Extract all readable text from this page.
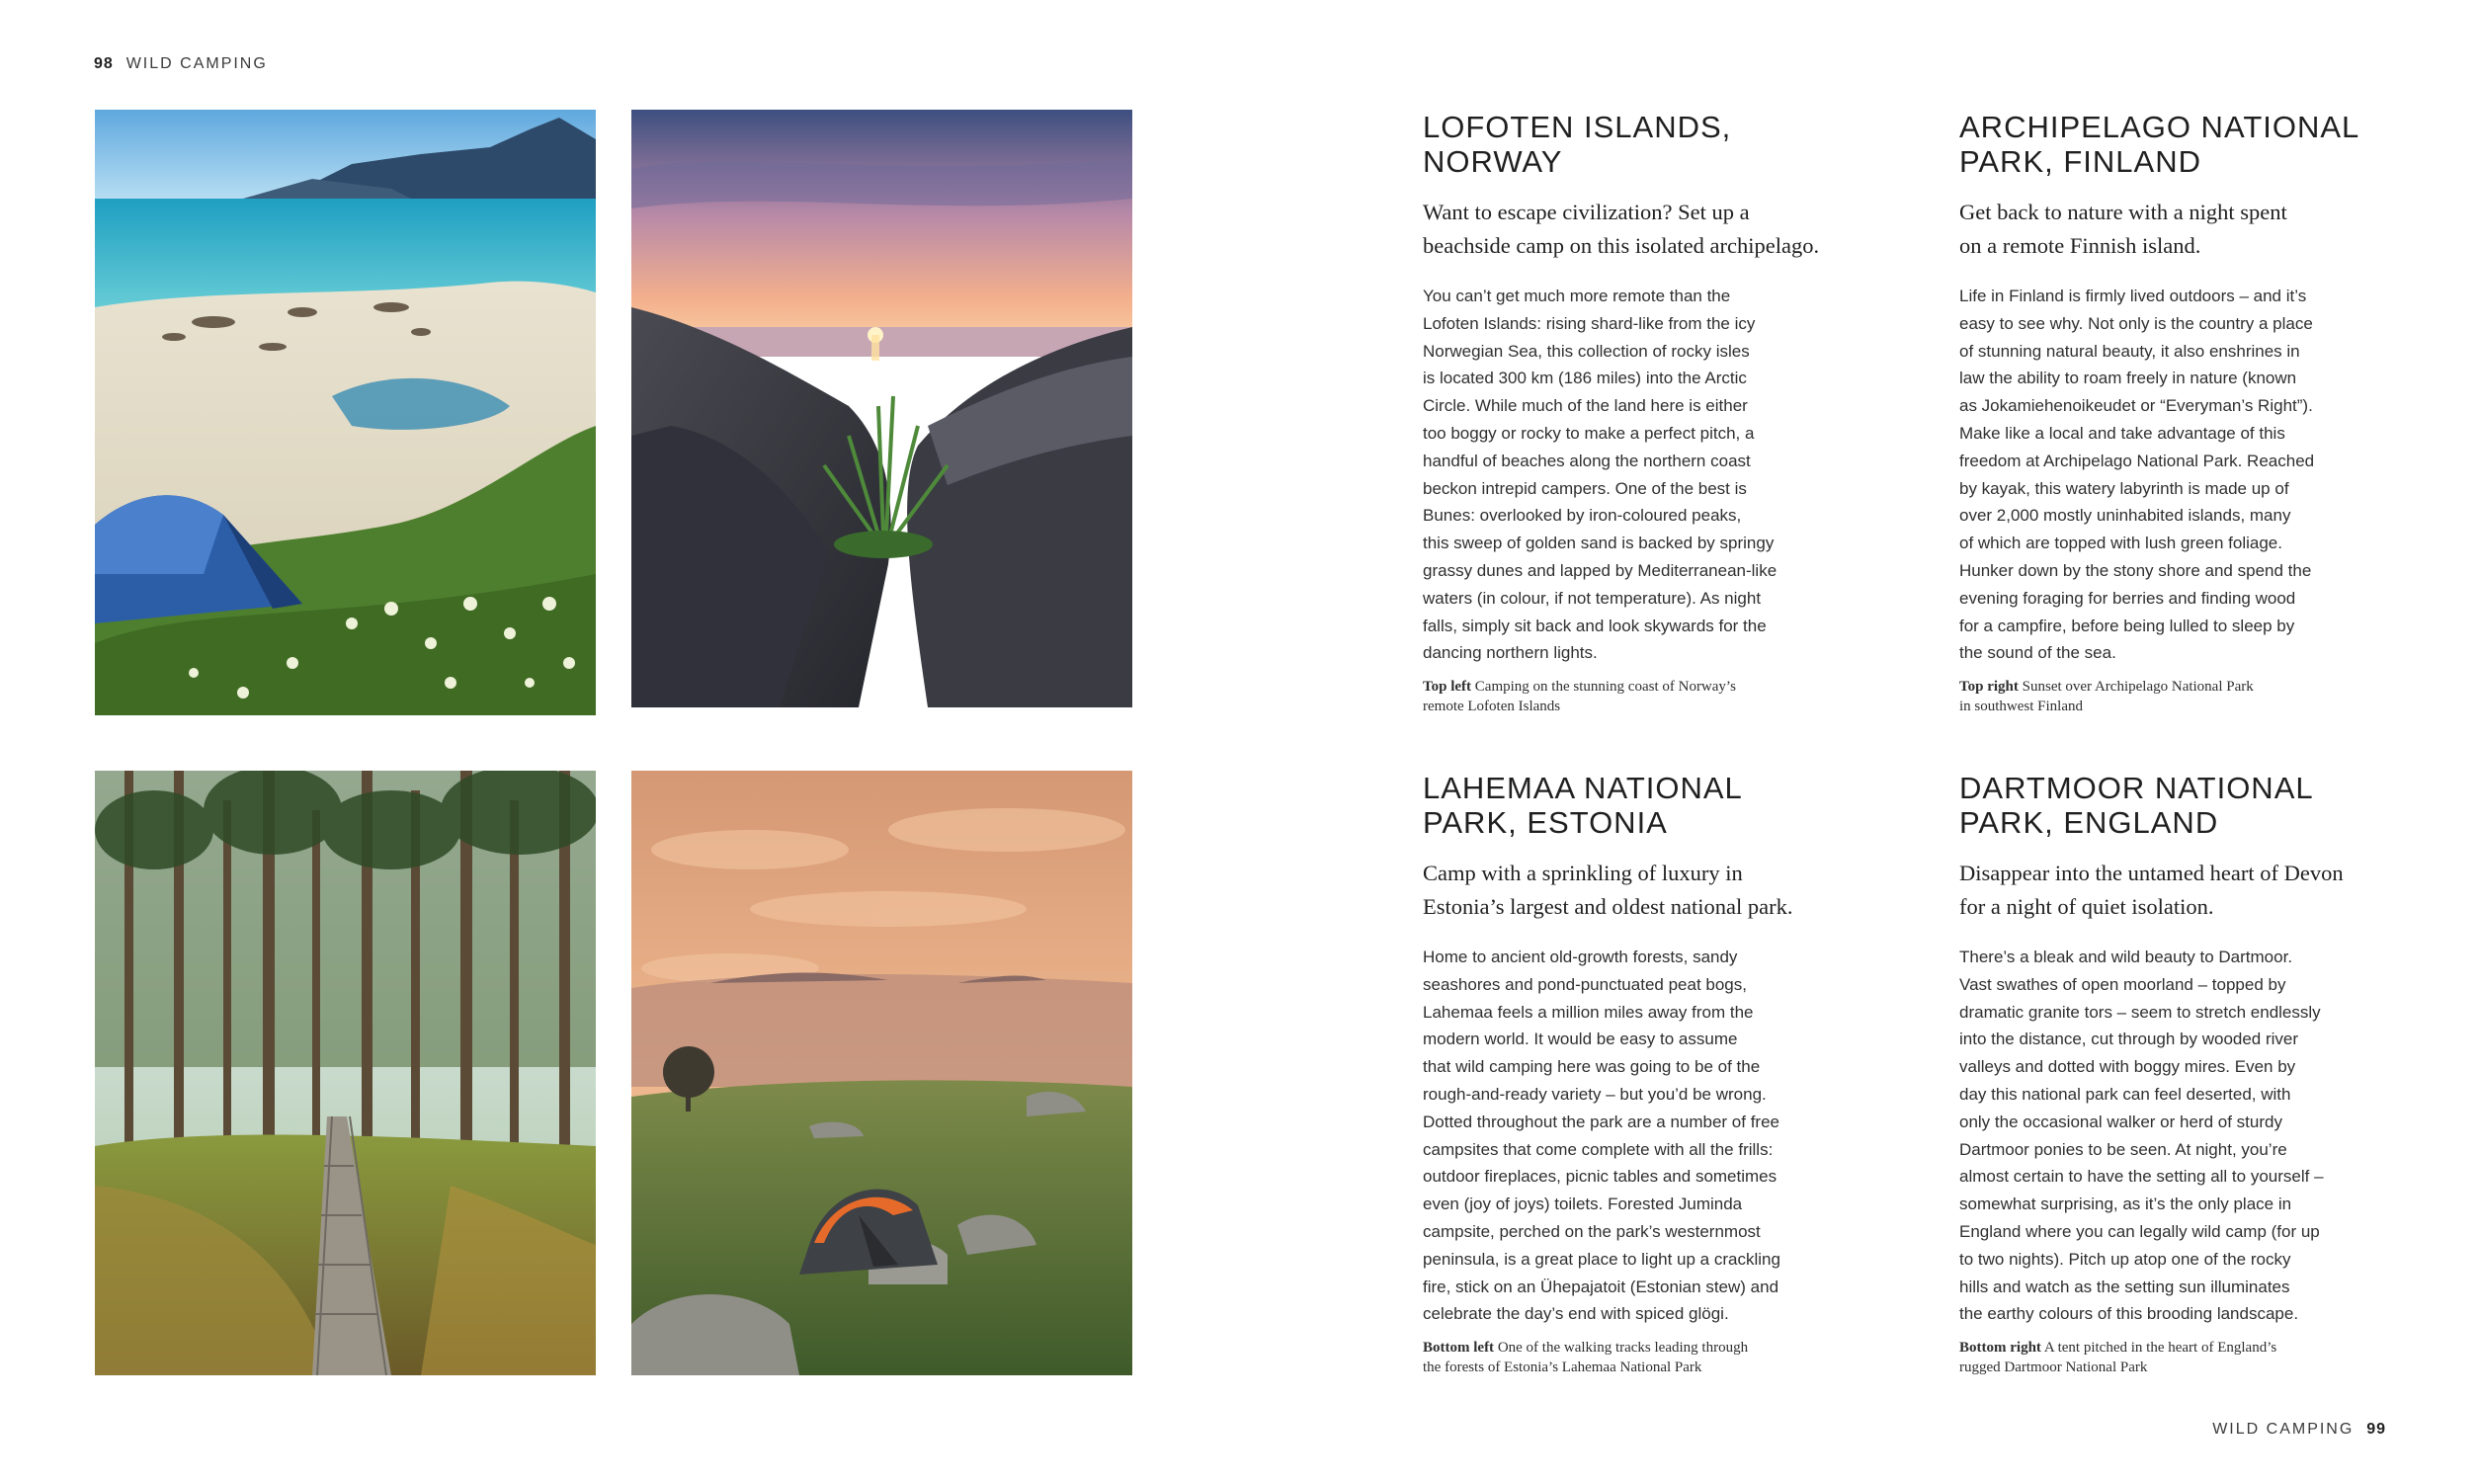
98 WILD CAMPING
WILD CAMPING 99
LOFOTEN ISLANDS,
NORWAY

Want to escape civilization? Set up a
beachside camp on this isolated archipelago.

You can’t get much more remote than the
Lofoten Islands: rising shard-like from the icy
Norwegian Sea, this collection of rocky isles
is located 300 km (186 miles) into the Arctic
Circle. While much of the land here is either
too boggy or rocky to make a perfect pitch, a
handful of beaches along the northern coast
beckon intrepid campers. One of the best is
Bunes: overlooked by iron-coloured peaks,
this sweep of golden sand is backed by springy
grassy dunes and lapped by Mediterranean-like
waters (in colour, if not temperature). As night
falls, simply sit back and look skywards for the
dancing northern lights.
Top left Camping on the stunning coast of Norway’s
remote Lofoten Islands
ARCHIPELAGO NATIONAL
PARK, FINLAND

Get back to nature with a night spent
on a remote Finnish island.

Life in Finland is firmly lived outdoors – and it’s
easy to see why. Not only is the country a place
of stunning natural beauty, it also enshrines in
law the ability to roam freely in nature (known
as Jokamiehenoikeudet or “Everyman’s Right”).
Make like a local and take advantage of this
freedom at Archipelago National Park. Reached
by kayak, this watery labyrinth is made up of
over 2,000 mostly uninhabited islands, many
of which are topped with lush green foliage.
Hunker down by the stony shore and spend the
evening foraging for berries and finding wood
for a campfire, before being lulled to sleep by
the sound of the sea.
Top right Sunset over Archipelago National Park
in southwest Finland
LAHEMAA NATIONAL
PARK, ESTONIA

Camp with a sprinkling of luxury in
Estonia’s largest and oldest national park.

Home to ancient old-growth forests, sandy
seashores and pond-punctuated peat bogs,
Lahemaa feels a million miles away from the
modern world. It would be easy to assume
that wild camping here was going to be of the
rough-and-ready variety – but you’d be wrong.
Dotted throughout the park are a number of free
campsites that come complete with all the frills:
outdoor fireplaces, picnic tables and sometimes
even (joy of joys) toilets. Forested Juminda
campsite, perched on the park’s westernmost
peninsula, is a great place to light up a crackling
fire, stick on an Ühepajatoit (Estonian stew) and
celebrate the day’s end with spiced glögi.
Bottom left One of the walking tracks leading through
the forests of Estonia’s Lahemaa National Park
DARTMOOR NATIONAL
PARK, ENGLAND

Disappear into the untamed heart of Devon
for a night of quiet isolation.

There’s a bleak and wild beauty to Dartmoor.
Vast swathes of open moorland – topped by
dramatic granite tors – seem to stretch endlessly
into the distance, cut through by wooded river
valleys and dotted with boggy mires. Even by
day this national park can feel deserted, with
only the occasional walker or herd of sturdy
Dartmoor ponies to be seen. At night, you’re
almost certain to have the setting all to yourself –
somewhat surprising, as it’s the only place in
England where you can legally wild camp (for up
to two nights). Pitch up atop one of the rocky
hills and watch as the setting sun illuminates
the earthy colours of this brooding landscape.
Bottom right A tent pitched in the heart of England’s
rugged Dartmoor National Park
